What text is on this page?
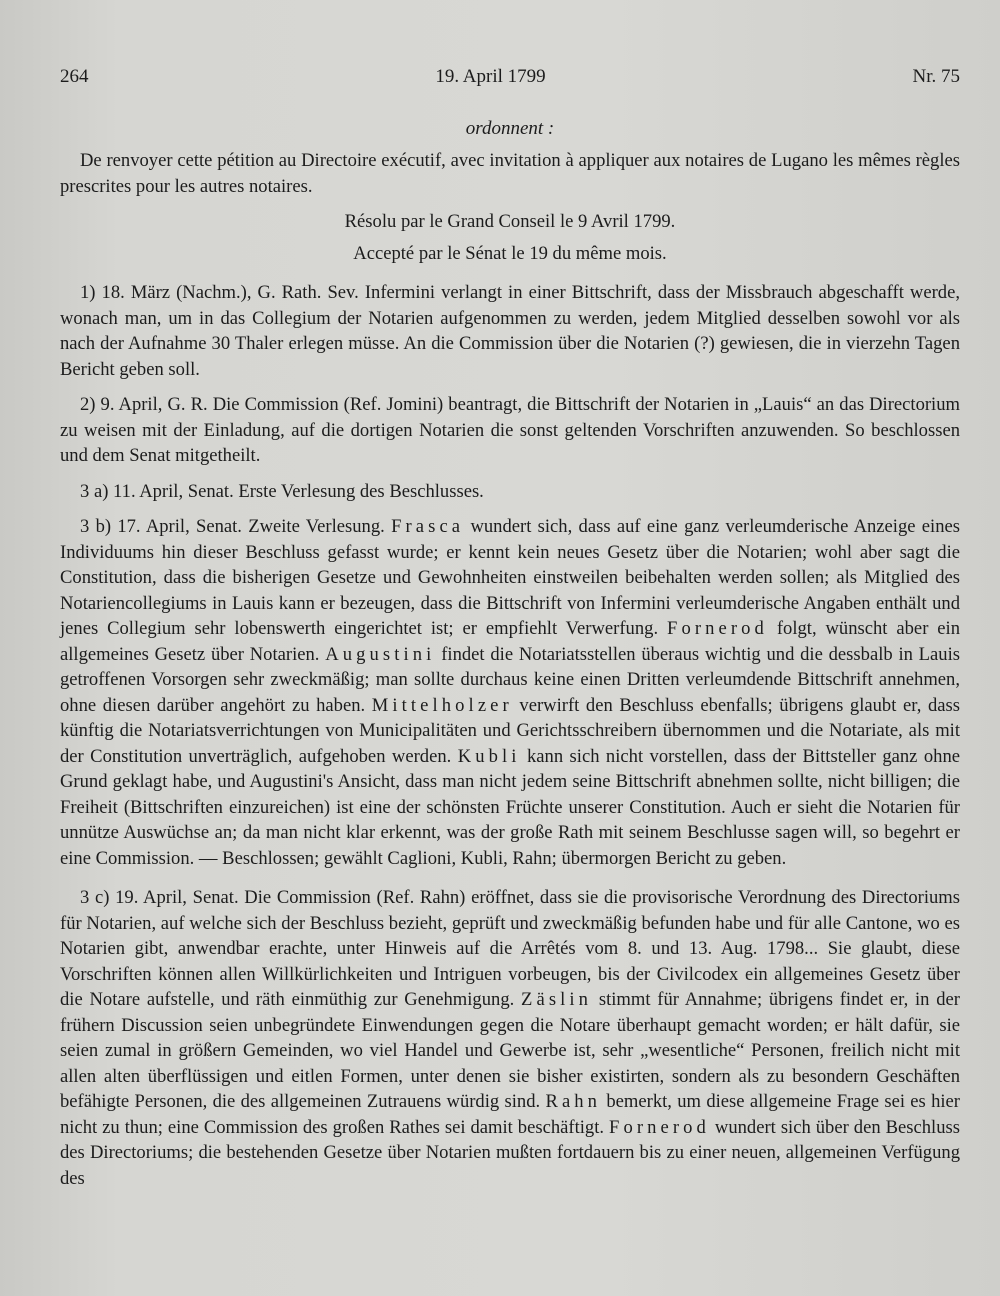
264	19. April 1799	Nr. 75
ordonnent :

De renvoyer cette pétition au Directoire exécutif, avec invitation à appliquer aux notaires de Lugano les mêmes règles prescrites pour les autres notaires.

Résolu par le Grand Conseil le 9 Avril 1799.

Accepté par le Sénat le 19 du même mois.

1) 18. März (Nachm.), G. Rath. Sev. Infermini verlangt in einer Bittschrift, dass der Missbrauch abgeschafft werde, wonach man, um in das Collegium der Notarien aufgenommen zu werden, jedem Mitglied desselben sowohl vor als nach der Aufnahme 30 Thaler erlegen müsse. An die Commission über die Notarien (?) gewiesen, die in vierzehn Tagen Bericht geben soll.

2) 9. April, G. R. Die Commission (Ref. Jomini) beantragt, die Bittschrift der Notarien in „Lauis“ an das Directorium zu weisen mit der Einladung, auf die dortigen Notarien die sonst geltenden Vorschriften anzuwenden. So beschlossen und dem Senat mitgetheilt.

3 a) 11. April, Senat. Erste Verlesung des Beschlusses.

3 b) 17. April, Senat. Zweite Verlesung. Frasca wundert sich, dass auf eine ganz verleumderische Anzeige eines Individuums hin dieser Beschluss gefasst wurde; er kennt kein neues Gesetz über die Notarien; wohl aber sagt die Constitution, dass die bisherigen Gesetze und Gewohnheiten einstweilen beibehalten werden sollen; als Mitglied des Notariencollegiums in Lauis kann er bezeugen, dass die Bittschrift von Infermini verleumderische Angaben enthält und jenes Collegium sehr lobenswerth eingerichtet ist; er empfiehlt Verwerfung. Fornerod folgt, wünscht aber ein allgemeines Gesetz über Notarien. Augustini findet die Notariatsstellen überaus wichtig und die dessbalb in Lauis getroffenen Vorsorgen sehr zweckmäßig; man sollte durchaus keine einen Dritten verleumdende Bittschrift annehmen, ohne diesen darüber angehört zu haben. Mittelholzer verwirft den Beschluss ebenfalls; übrigens glaubt er, dass künftig die Notariatsverrichtungen von Municipalitäten und Gerichtsschreibern übernommen und die Notariate, als mit der Constitution unverträglich, aufgehoben werden. Kubli kann sich nicht vorstellen, dass der Bittsteller ganz ohne Grund geklagt habe, und Augustini's Ansicht, dass man nicht jedem seine Bittschrift abnehmen sollte, nicht billigen; die Freiheit (Bittschriften einzureichen) ist eine der schönsten Früchte unserer Constitution. Auch er sieht die Notarien für unnütze Auswüchse an; da man nicht klar erkennt, was der große Rath mit seinem Beschlusse sagen will, so begehrt er eine Commission. — Beschlossen; gewählt Caglioni, Kubli, Rahn; übermorgen Bericht zu geben.

3 c) 19. April, Senat. Die Commission (Ref. Rahn) eröffnet, dass sie die provisorische Verordnung des Directoriums für Notarien, auf welche sich der Beschluss bezieht, geprüft und zweckmäßig befunden habe und für alle Cantone, wo es Notarien gibt, anwendbar erachte, unter Hinweis auf die Arrêtés vom 8. und 13. Aug. 1798... Sie glaubt, diese Vorschriften können allen Willkürlichkeiten und Intriguen vorbeugen, bis der Civilcodex ein allgemeines Gesetz über die Notare aufstelle, und räth einmüthig zur Genehmigung. Zäslin stimmt für Annahme; übrigens findet er, in der frühern Discussion seien unbegründete Einwendungen gegen die Notare überhaupt gemacht worden; er hält dafür, sie seien zumal in größern Gemeinden, wo viel Handel und Gewerbe ist, sehr „wesentliche“ Personen, freilich nicht mit allen alten überflüssigen und eitlen Formen, unter denen sie bisher existirten, sondern als zu besondern Geschäften befähigte Personen, die des allgemeinen Zutrauens würdig sind. Rahn bemerkt, um diese allgemeine Frage sei es hier nicht zu thun; eine Commission des großen Rathes sei damit beschäftigt. Fornerod wundert sich über den Beschluss des Directoriums; die bestehenden Gesetze über Notarien mußten fortdauern bis zu einer neuen, allgemeinen Verfügung des
